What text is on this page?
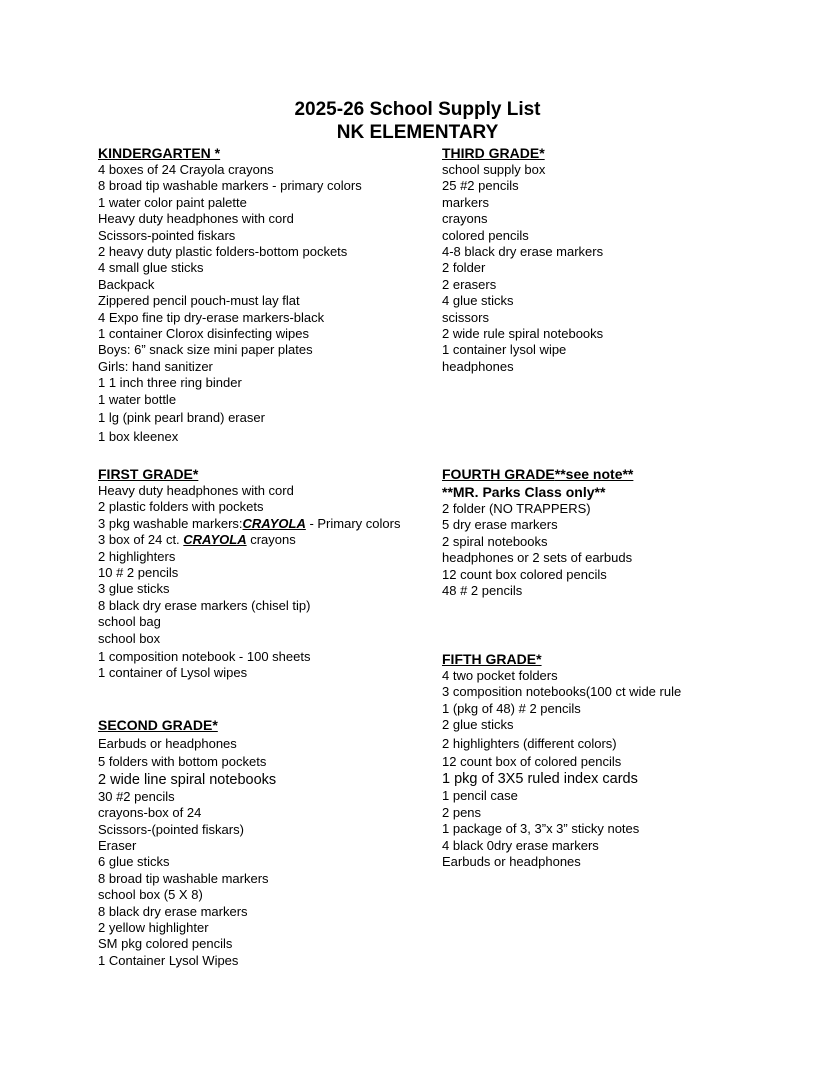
2025-26 School Supply List
NK ELEMENTARY
KINDERGARTEN *
4 boxes of 24 Crayola crayons
8 broad tip washable markers - primary colors
1 water color paint palette
Heavy duty headphones with cord
Scissors-pointed fiskars
2 heavy duty plastic folders-bottom pockets
4 small glue sticks
Backpack
Zippered pencil pouch-must lay flat
4 Expo fine tip dry-erase markers-black
1 container Clorox disinfecting wipes
Boys: 6” snack size mini paper plates
Girls: hand sanitizer
1 1 inch three ring binder
1 water bottle
1 lg (pink pearl brand) eraser
1 box kleenex
THIRD GRADE*
school supply box
25 #2 pencils
markers
crayons
colored pencils
4-8 black dry erase markers
2 folder
2 erasers
4 glue sticks
scissors
2 wide rule spiral notebooks
1 container lysol wipe
headphones
FIRST GRADE*
Heavy duty headphones with cord
2 plastic folders with pockets
3 pkg washable markers:CRAYOLA - Primary colors
3 box of 24 ct. CRAYOLA crayons
2 highlighters
10 # 2 pencils
3 glue sticks
8 black dry erase markers (chisel tip)
school bag
school box
1 composition notebook - 100 sheets
1 container of Lysol wipes
FOURTH GRADE**see note**
**MR. Parks Class only**
2 folder (NO TRAPPERS)
5 dry erase markers
2 spiral notebooks
headphones or 2 sets of earbuds
12 count box colored pencils
48 # 2 pencils
FIFTH GRADE*
4 two pocket folders
3 composition notebooks(100 ct wide rule
1 (pkg of 48) # 2 pencils
2 glue sticks
2 highlighters (different colors)
12 count box of colored pencils
1 pkg of 3X5 ruled index cards
1 pencil case
2 pens
1 package of 3, 3”x 3” sticky notes
4 black 0dry erase markers
Earbuds or headphones
SECOND GRADE*
Earbuds or headphones
5 folders with bottom pockets
2 wide line spiral notebooks
30 #2 pencils
crayons-box of 24
Scissors-(pointed fiskars)
Eraser
6 glue sticks
8 broad tip washable markers
school box (5 X 8)
8 black dry erase markers
2 yellow highlighter
SM pkg colored pencils
1 Container Lysol Wipes
